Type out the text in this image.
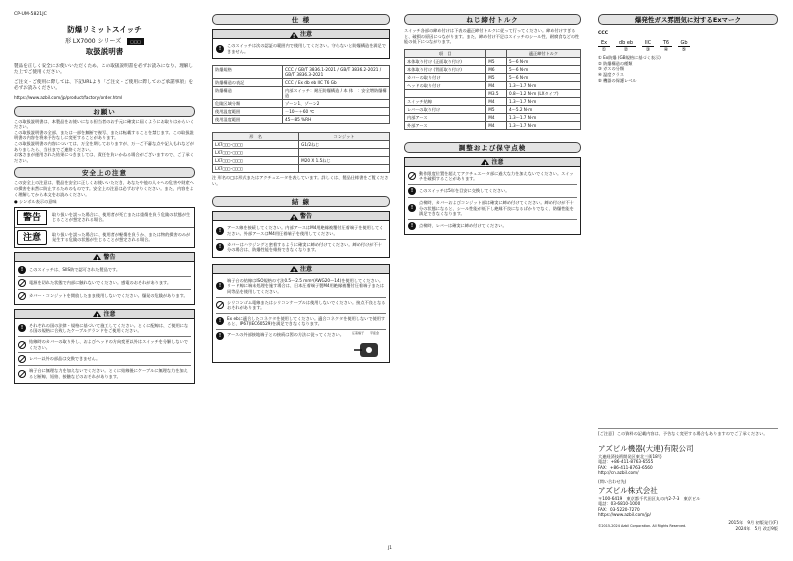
CP-UM-5821JC
防爆リミットスイッチ
形 LX7000 シリーズ □□□
取扱説明書

製品を正しく安全にお使いいただくため、この取扱説明書を必ずお読みになり、理解した上でご使用ください。

ご注文・ご使用に際しては、下記URLより「ご注文・ご使用に際してのご承諾事項」を必ずお読みください。

https://www.azbil.com/jp/product/factory/order.html

お願い

この取扱説明書は、本製品をお使いになる担当者のお手元に確実に届くようにお取りはからいください。

この取扱説明書の全部、または一部を無断で複写、または転載することを禁じます。この取扱説明書の内容を将来予告なしに変更することがあります。

この取扱説明書の内容については、万全を期しておりますが、万一ご不審な点や記入もれなどがありましたら、当社までご連絡ください。

お客さまが運用された結果につきましては、責任を負いかねる場合がございますので、ご了承ください。

安全上の注意

この安全上の注意は、製品を安全に正しくお使いいただき、あなたや他の人々への危害や財産への損害を未然に防止するためのものです。安全上の注意は必ずお守りください。また、内容をよく理解してから本文をお読みください。

● シンボル表示の意味

警告	取り扱いを誤った場合に、使用者が死亡または重傷を負う危険の状態が生じることが想定される場合。
注意	取り扱いを誤った場合に、使用者が軽傷を負うか、または物的損害のみが発生する危険の状態が生じることが想定される場合。
! 警告
!	このスイッチは、SIIS防で認可された製品です。
電源を切れた状態で内部に触れないでください。感電のおそれがあります。
カバー・コンジットを開放したまま使用しないでください。爆発の危険があります。
! 注意
!
それぞれの国の法律・規格に基づいて施工してください。とくに配線は、ご使用になる国の規格に合致したケーブルグランドをご使用ください。
結線時のカバーの取り外し、およびヘッドの方向変更以外はスイッチを分解しないでください。
レバー以外の部品は交換できません。
端子台に無理な力を加えないでください。とくに結線後にケーブルに無理な力を加えると断線、短絡、接触などのおそれがあります。
仕 様
! 注意
!
このスイッチは次の認証の範囲内で使用してください。守らないと防爆構造を満足できません。
防爆規格	CCC / GB/T 3836.1-2021 / GB/T 3836.2-2021 / GB/T 3836.3-2021
防爆構造の表記	CCC / Ex db eb IIC T6 Gb
防爆構造	内部スイッチ：耐圧防爆構造 / 本 体　：安全増防爆構造
危険区域分類	ゾーン1、ゾーン2
使用温度範囲	－10～＋60 ℃
使用湿度範囲	45～85 %RH
形　名	コンジット
LX7□□□-□□□□	G1/2ねじ
LX7□□□-□□□□	
LX7□□□-□□□□	M20 X 1.5ねじ
LX7□□□-□□□□	

注 形名の□は形式またはアクチュエータを表しています。詳しくは、製品仕様書をご覧ください。

結 線
! 警告
!
アース線を接続してください。内部アースはM4用絶縁被覆付圧着端子を使用してください。外部アースはM4用圧着端子を使用してください。
!
カバーはハウジングと密着するように確実に締め付けてください。締め付けが不十分の場合は、防爆性能を維持できなくなります。
! 注意
!
端子台の結線はISO規格の寸法0.5～2.5 mm²(AWG20～14)を使用してください。リード線に端末処理を施す場合は、日本圧着端子製M4用絶縁被覆付圧着端子または同等品を使用してください。
シリコンゴム電線またはシリコンケーブルは使用しないでください。接点不良となるおそれがあります。
!
Ex ebに適合したコネクタを使用してください。適合コネクタを使用しないで使用すると、IP67(IEC60529)を満足できなくなります。
!	アースの外部接地端子との接続は図の方法に従ってください。	圧着端子 平座金
ねじ締付トルク

スイッチ各部の締め付けは下表の適正締付トルクに従って行ってください。締め付けすぎると、破損の原因につながります。また、締め付け不足はスイッチのシール性、耐腐食などの性能の低下につながります。

項　目		適正締付トルク
本体取り付け (正面取り付け)	M5	5～6 N·m
本体取り付け (背面取り付け)	M6	5～6 N·m
カバーの取り付け	M5	5～6 N·m
ヘッドの取り付け	M4	1.3～1.7 N·m
	M3.5	0.8～1.2 N·m (LXタイプ)
スイッチ結線	M4	1.3～1.7 N·m
レバーの取り付け	M5	4～5.2 N·m
内部アース	M4	1.3～1.7 N·m
外部アース	M4	1.3～1.7 N·m
調整および保守点検
! 注意
動作限度位置を超えてアクチュエータ部に過大な力を加えないでください。スイッチを破損することがあります。
!	このスイッチは5年を目安に交換してください。
!
点検時、カバーおよびコンジット部は確実に締め付けてください。締め付けが不十分の状態になると、シール性能が低下し絶縁不良になるばかりでなく、防爆性能を満足できなくなります。
!	点検時、レバーは確実に締め付けてください。
爆発性ガス雰囲気に対するExマーク
CCC
Ex	db eb	IIC	T6	Gb
①	②	③	④	⑤
① Ex防爆 (GB規格に基づく表示)
② 防爆構造の種類
③ ガスの分類
④ 温度クラス
⑤ 機器の保護レベル
[ご注意] この資料の記載内容は、予告なく変更する場合もありますのでご了承ください。
アズビル機器(大連)有限公司
大連経済技術開発区東北三街18号
電話：+86-411-8763-6555
FAX：+86-411-8763-6560
http://cn.azbil.com/
(問い合わせ先)
アズビル株式会社
〒100-6419　東京都千代田区丸の内2-7-3　東京ビル
電話：03-6810-1000
FAX：03-5220-7270
https://www.azbil.com/jp/
©2015-2024 Azbil Corporation. All Rights Reserved.
2015年　9月 初版発行(F)
2024年　5月 改訂9版
J1
